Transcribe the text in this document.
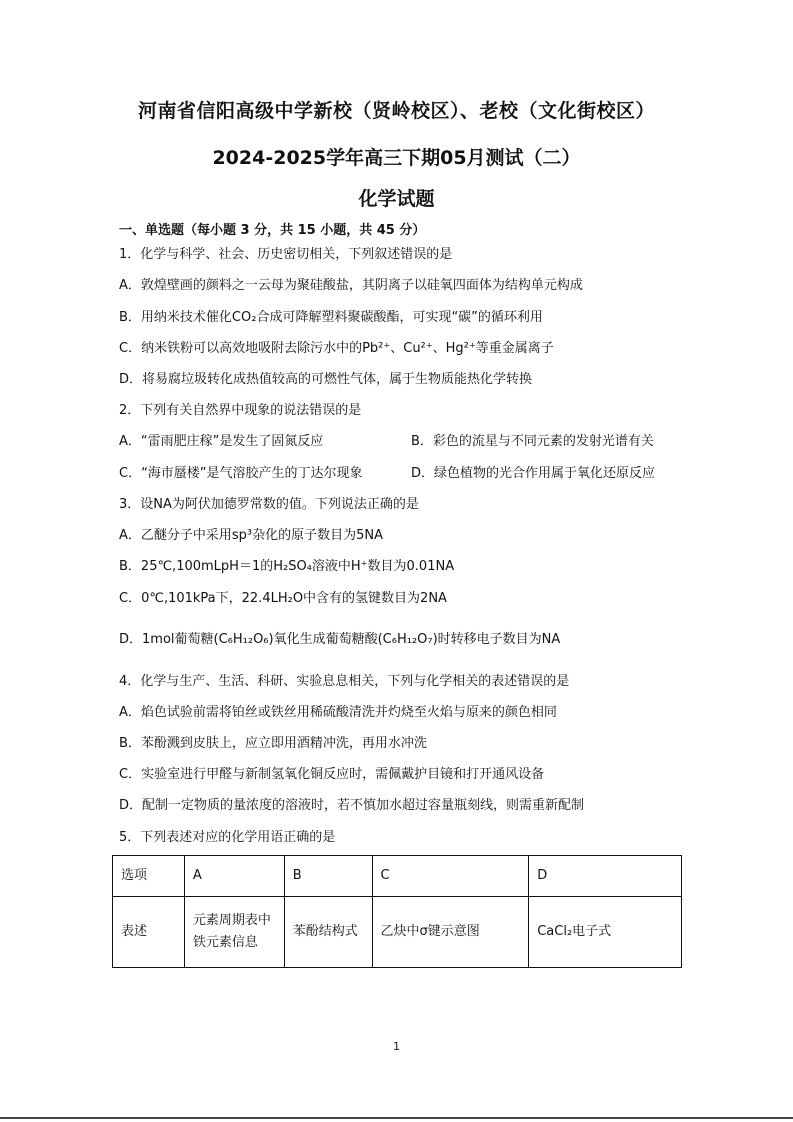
河南省信阳高级中学新校（贤岭校区）、老校（文化街校区）
2024-2025学年高三下期05月测试（二）
化学试题
一、单选题（每小题 3 分，共 15 小题，共 45 分）
1．化学与科学、社会、历史密切相关，下列叙述错误的是
A．敦煌壁画的颜料之一云母为聚硅酸盐，其阴离子以硅氧四面体为结构单元构成
B．用纳米技术催化CO₂合成可降解塑料聚碳酸酯，可实现“碳”的循环利用
C．纳米铁粉可以高效地吸附去除污水中的Pb²⁺、Cu²⁺、Hg²⁺等重金属离子
D．将易腐垃圾转化成热值较高的可燃性气体，属于生物质能热化学转换
2．下列有关自然界中现象的说法错误的是
A．“雷雨肥庄稼”是发生了固氮反应	B．彩色的流星与不同元素的发射光谱有关
C．“海市蜃楼”是气溶胶产生的丁达尔现象	D．绿色植物的光合作用属于氧化还原反应
3．设NA为阿伏加德罗常数的值。下列说法正确的是
A．乙醚分子中采用sp³杂化的原子数目为5NA
B．25℃,100mLpH＝1的H₂SO₄溶液中H⁺数目为0.01NA
C．0℃,101kPa下，22.4LH₂O中含有的氢键数目为2NA
D．1mol葡萄糖(C₆H₁₂O₆)氧化生成葡萄糖酸(C₆H₁₂O₇)时转移电子数目为NA
4．化学与生产、生活、科研、实验息息相关，下列与化学相关的表述错误的是
A．焰色试验前需将铂丝或铁丝用稀硫酸清洗并灼烧至火焰与原来的颜色相同
B．苯酚溅到皮肤上，应立即用酒精冲洗，再用水冲洗
C．实验室进行甲醛与新制氢氧化铜反应时，需佩戴护目镜和打开通风设备
D．配制一定物质的量浓度的溶液时，若不慎加水超过容量瓶刻线，则需重新配制
5．下列表述对应的化学用语正确的是
选项	A	B	C	D
表述	元素周期表中铁元素信息	苯酚结构式	乙炔中σ键示意图	CaCl₂电子式
1
